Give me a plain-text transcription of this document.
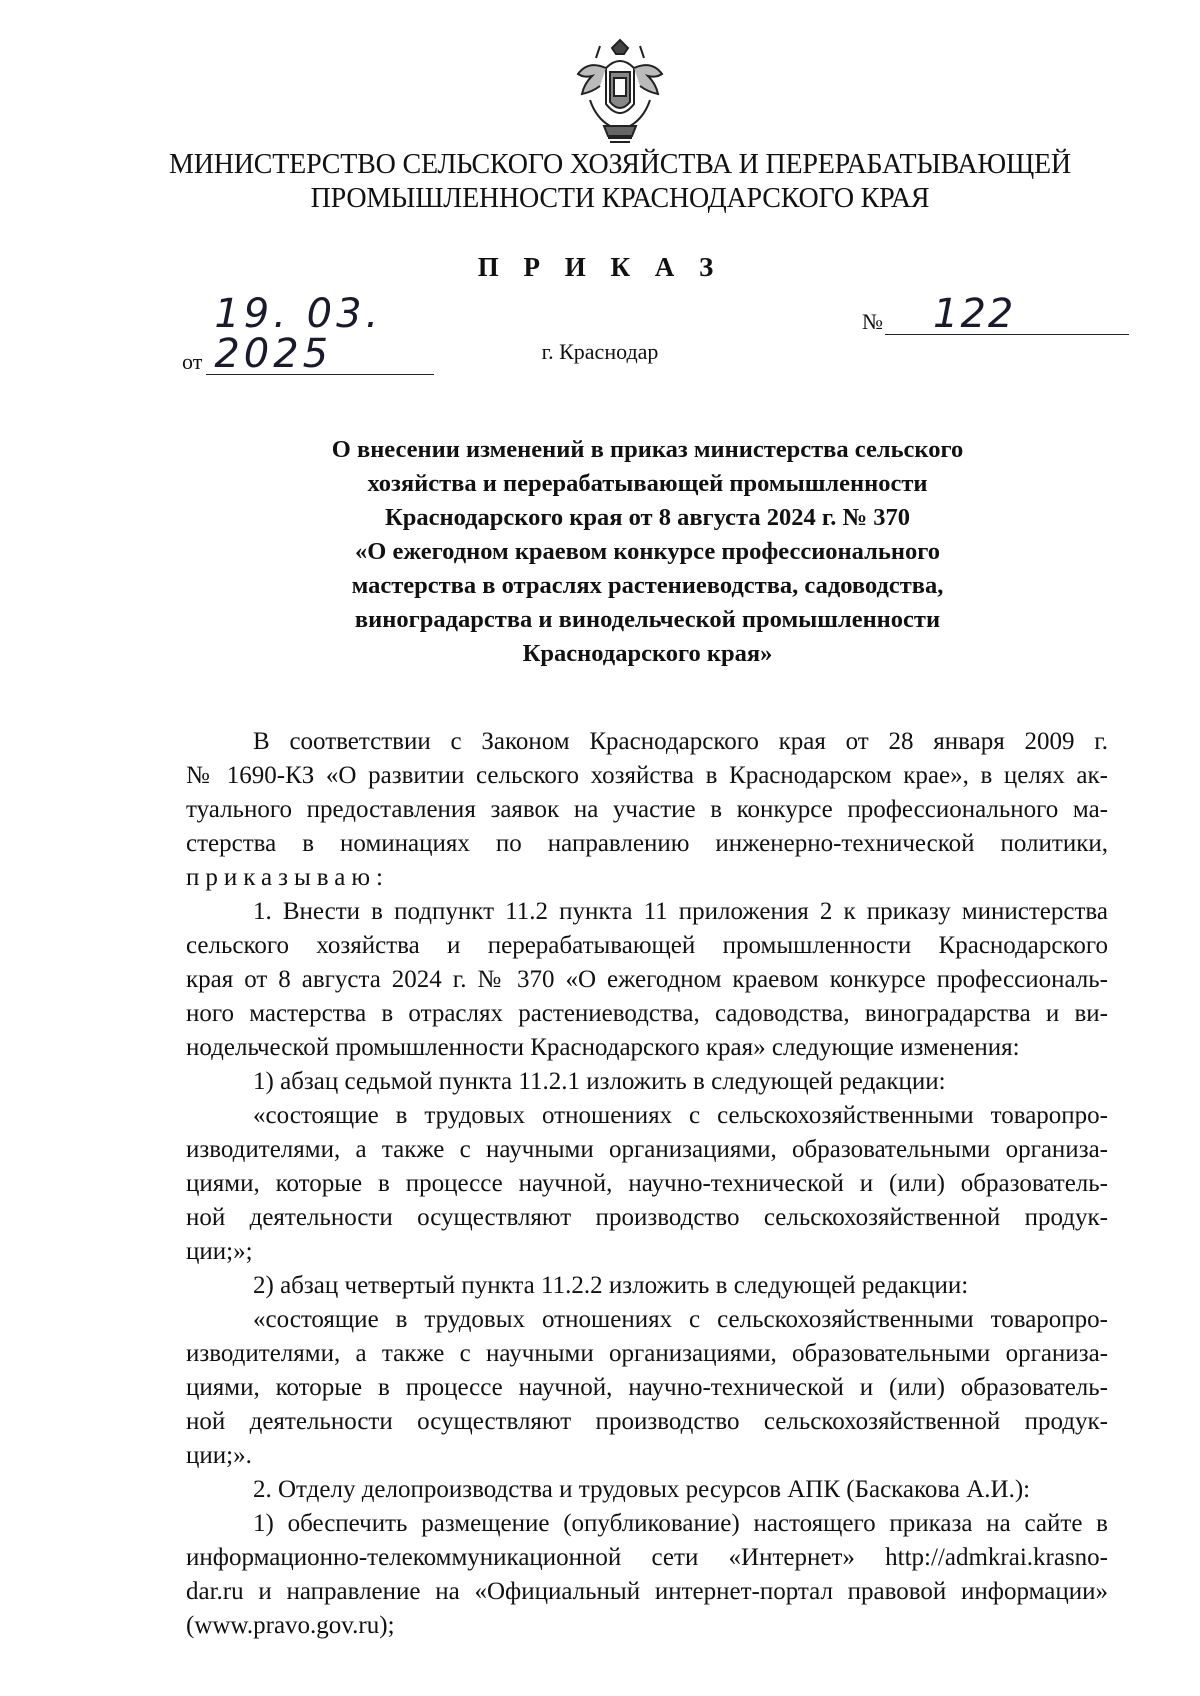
МИНИСТЕРСТВО СЕЛЬСКОГО ХОЗЯЙСТВА И ПЕРЕРАБАТЫВАЮЩЕЙ
ПРОМЫШЛЕННОСТИ КРАСНОДАРСКОГО КРАЯ
П Р И К А З
от19. 03. 2025
№ 122
г. Краснодар
О внесении изменений в приказ министерства сельского
хозяйства и перерабатывающей промышленности
Краснодарского края от 8 августа 2024 г. № 370
«О ежегодном краевом конкурсе профессионального
мастерства в отраслях растениеводства, садоводства,
виноградарства и винодельческой промышленности
Краснодарского края»
В соответствии с Законом Краснодарского края от 28 января 2009 г.
№ 1690-КЗ «О развитии сельского хозяйства в Краснодарском крае», в целях ак-
туального предоставления заявок на участие в конкурсе профессионального ма-
стерства в номинациях по направлению инженерно-технической политики,
приказываю:
1. Внести в подпункт 11.2 пункта 11 приложения 2 к приказу министерства
сельского хозяйства и перерабатывающей промышленности Краснодарского
края от 8 августа 2024 г. № 370 «О ежегодном краевом конкурсе профессиональ-
ного мастерства в отраслях растениеводства, садоводства, виноградарства и ви-
нодельческой промышленности Краснодарского края» следующие изменения:
1) абзац седьмой пункта 11.2.1 изложить в следующей редакции:
«состоящие в трудовых отношениях с сельскохозяйственными товаропро-
изводителями, а также с научными организациями, образовательными организа-
циями, которые в процессе научной, научно-технической и (или) образователь-
ной деятельности осуществляют производство сельскохозяйственной продук-
ции;»;
2) абзац четвертый пункта 11.2.2 изложить в следующей редакции:
«состоящие в трудовых отношениях с сельскохозяйственными товаропро-
изводителями, а также с научными организациями, образовательными организа-
циями, которые в процессе научной, научно-технической и (или) образователь-
ной деятельности осуществляют производство сельскохозяйственной продук-
ции;».
2. Отделу делопроизводства и трудовых ресурсов АПК (Баскакова А.И.):
1) обеспечить размещение (опубликование) настоящего приказа на сайте в
информационно-телекоммуникационной сети «Интернет» http://admkrai.krasno-
dar.ru и направление на «Официальный интернет-портал правовой информации»
(www.pravo.gov.ru);
